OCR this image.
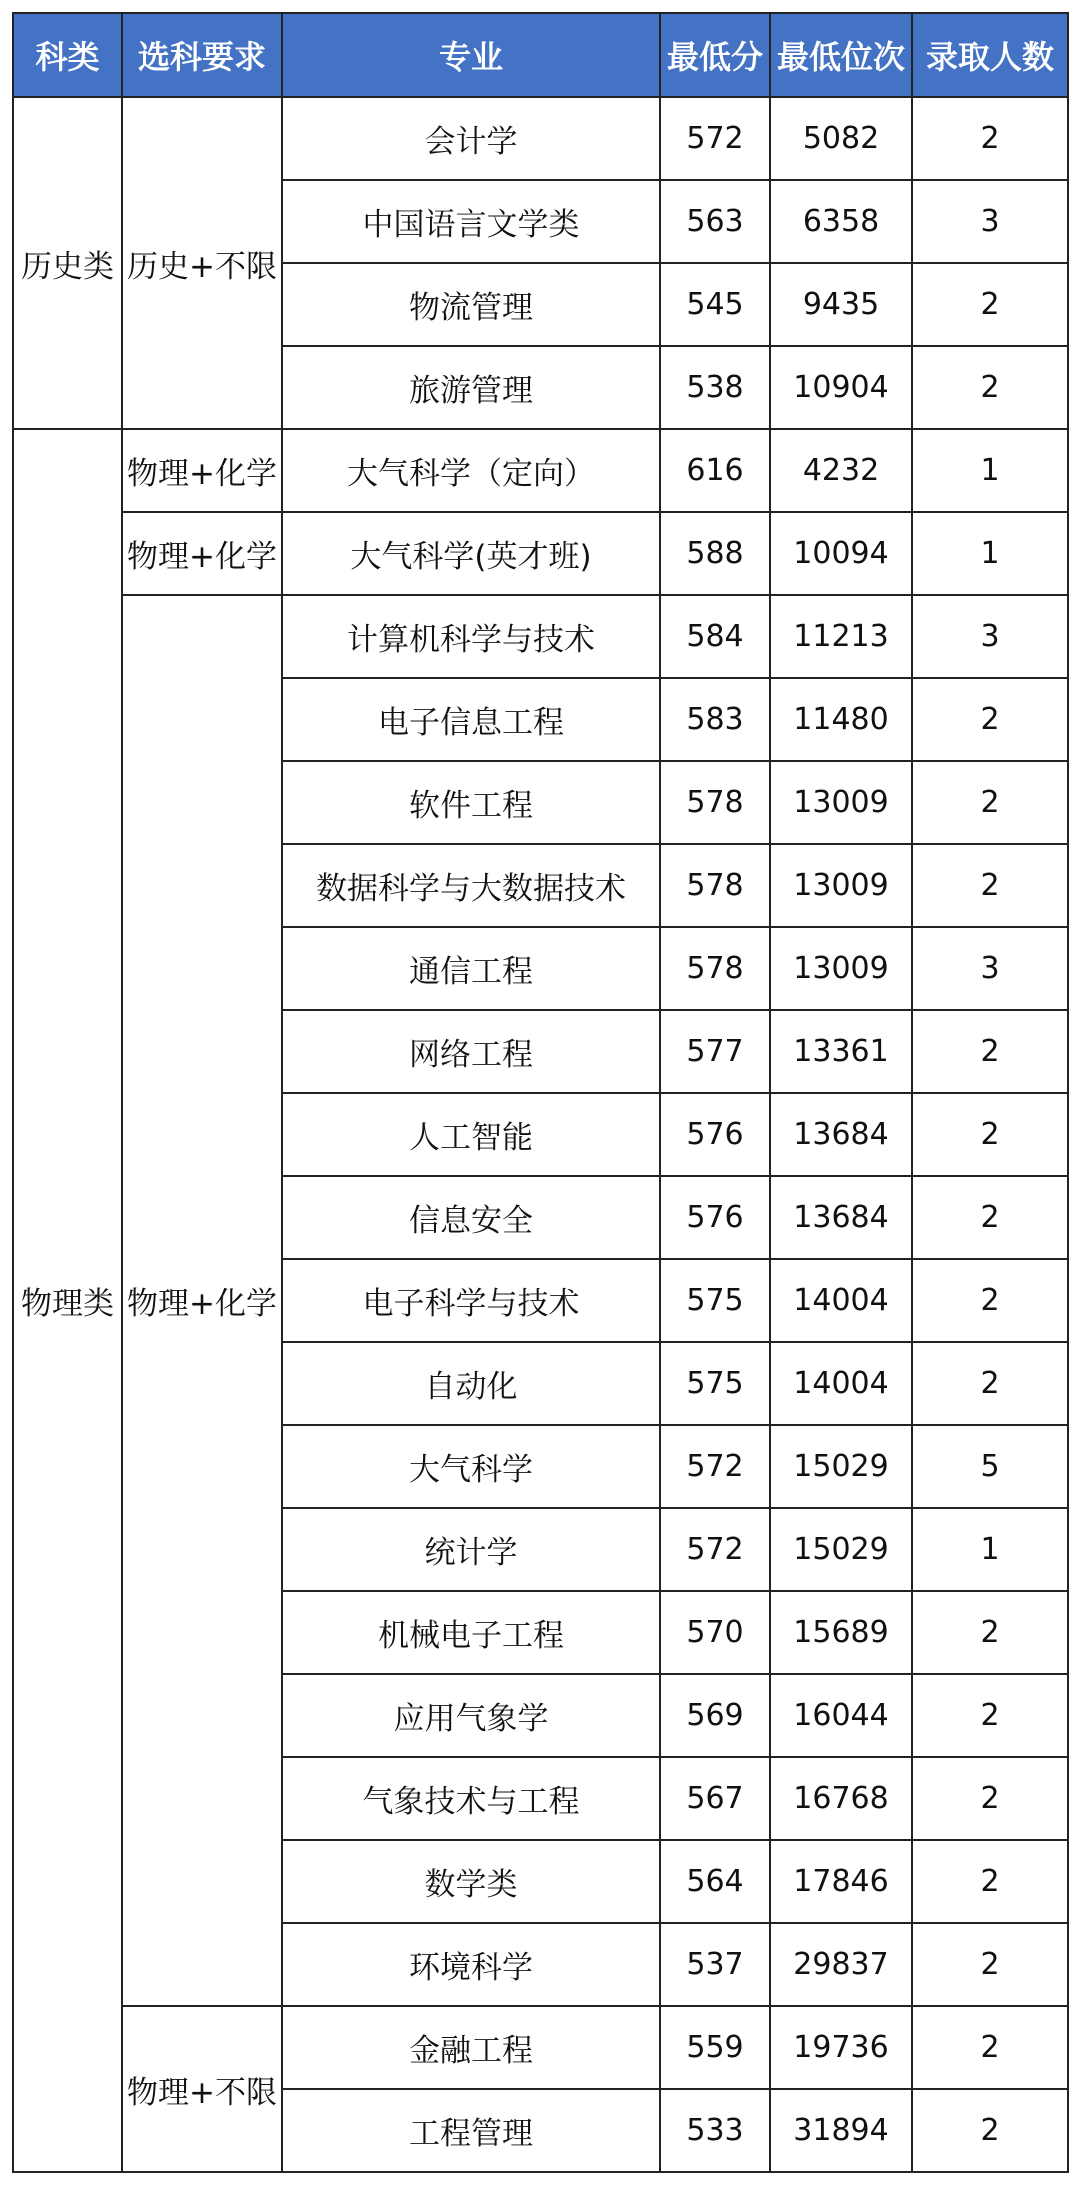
科类	选科要求	专业	最低分	最低位次	录取人数
历史类	历史+不限	会计学	572	5082	2
		中国语言文学类	563	6358	3
		物流管理	545	9435	2
		旅游管理	538	10904	2
物理类	物理+化学	大气科学（定向）	616	4232	1
	物理+化学	大气科学(英才班)	588	10094	1
	物理+化学	计算机科学与技术	584	11213	3
		电子信息工程	583	11480	2
		软件工程	578	13009	2
		数据科学与大数据技术	578	13009	2
		通信工程	578	13009	3
		网络工程	577	13361	2
		人工智能	576	13684	2
		信息安全	576	13684	2
		电子科学与技术	575	14004	2
		自动化	575	14004	2
		大气科学	572	15029	5
		统计学	572	15029	1
		机械电子工程	570	15689	2
		应用气象学	569	16044	2
		气象技术与工程	567	16768	2
		数学类	564	17846	2
		环境科学	537	29837	2
	物理+不限	金融工程	559	19736	2
		工程管理	533	31894	2
